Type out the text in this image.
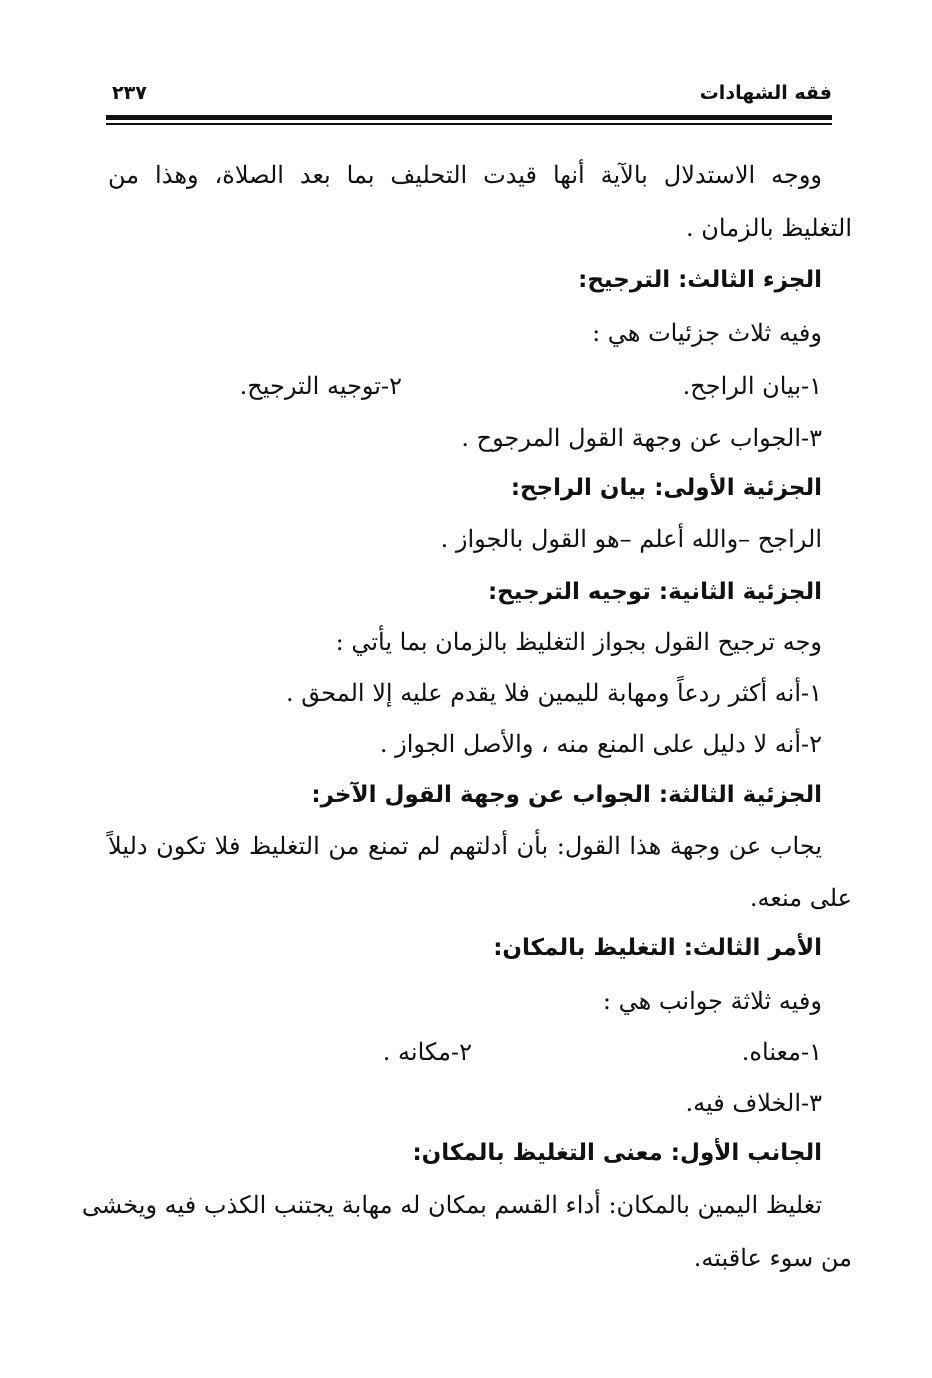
فقه الشهادات
٢٣٧
ووجه الاستدلال بالآية أنها قيدت التحليف بما بعد الصلاة، وهذا من
التغليظ بالزمان .
الجزء الثالث: الترجيح:
وفيه ثلاث جزئيات هي :
١-بيان الراجح.
٢-توجيه الترجيح.
٣-الجواب عن وجهة القول المرجوح .
الجزئية الأولى: بيان الراجح:
الراجح –والله أعلم –هو القول بالجواز .
الجزئية الثانية: توجيه الترجيح:
وجه ترجيح القول بجواز التغليظ بالزمان بما يأتي :
١-أنه أكثر ردعاً ومهابة لليمين فلا يقدم عليه إلا المحق .
٢-أنه لا دليل على المنع منه ، والأصل الجواز .
الجزئية الثالثة: الجواب عن وجهة القول الآخر:
يجاب عن وجهة هذا القول: بأن أدلتهم لم تمنع من التغليظ فلا تكون دليلاً
على منعه.
الأمر الثالث: التغليظ بالمكان:
وفيه ثلاثة جوانب هي :
١-معناه.
٢-مكانه .
٣-الخلاف فيه.
الجانب الأول: معنى التغليظ بالمكان:
تغليظ اليمين بالمكان: أداء القسم بمكان له مهابة يجتنب الكذب فيه ويخشى
من سوء عاقبته.
